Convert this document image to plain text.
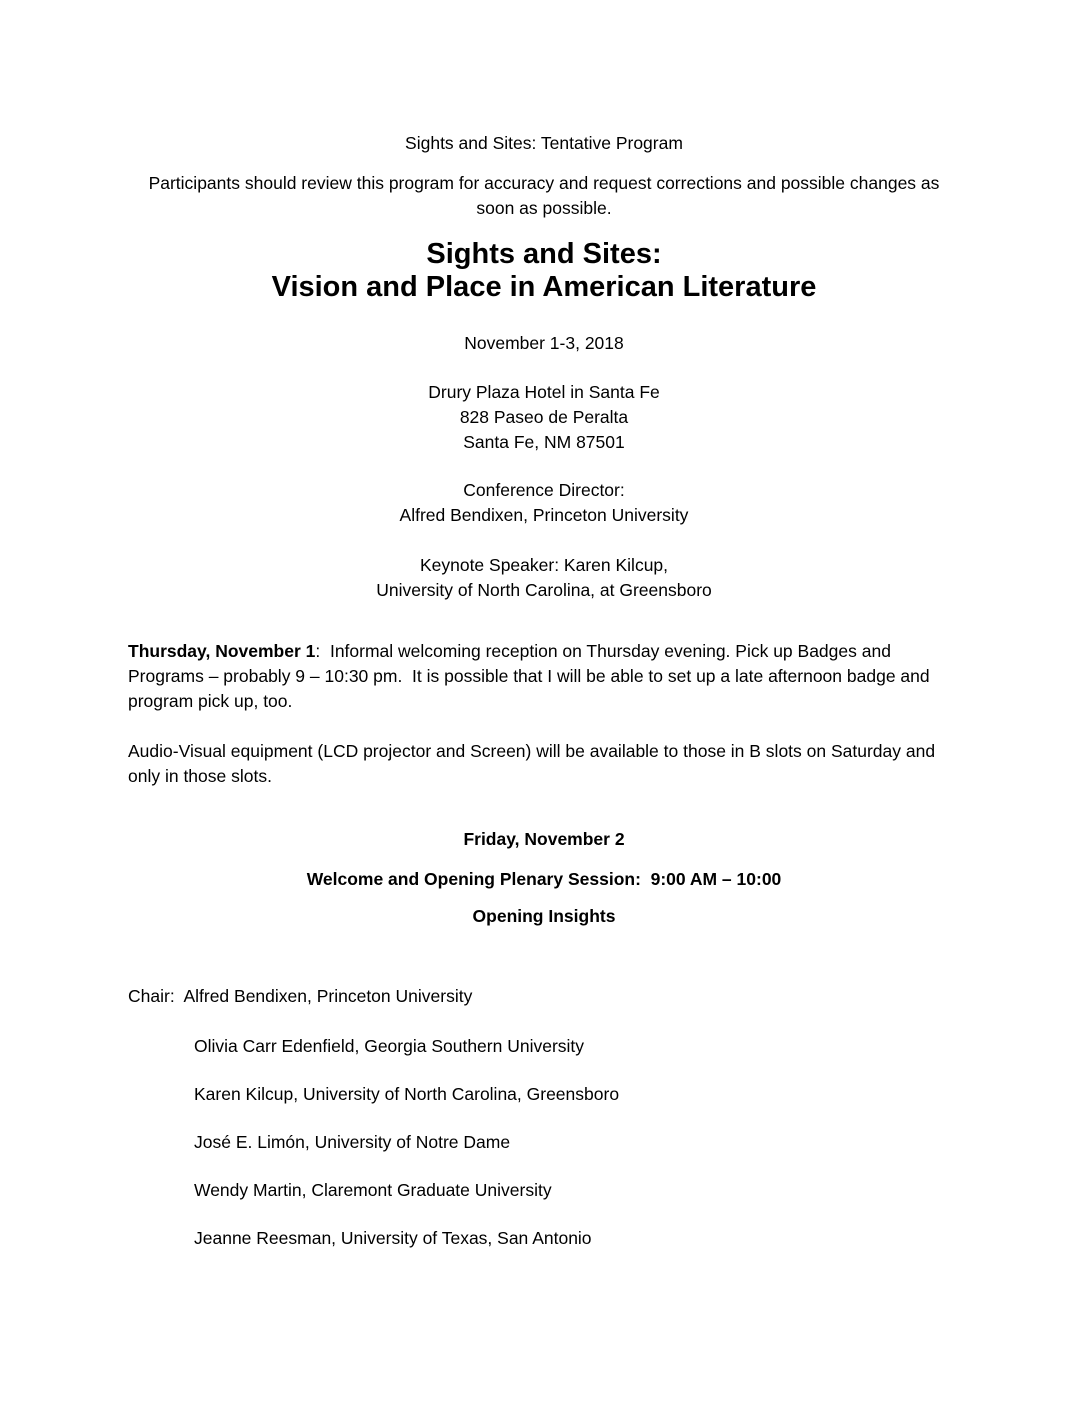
Sights and Sites: Tentative Program

Participants should review this program for accuracy and request corrections and possible changes as soon as possible.

Sights and Sites:

Vision and Place in American Literature

November 1-3, 2018

Drury Plaza Hotel in Santa Fe

828 Paseo de Peralta

Santa Fe, NM 87501

Conference Director:

Alfred Bendixen, Princeton University

Keynote Speaker: Karen Kilcup,

University of North Carolina, at Greensboro

Thursday, November 1:  Informal welcoming reception on Thursday evening. Pick up Badges and Programs – probably 9 – 10:30 pm.  It is possible that I will be able to set up a late afternoon badge and program pick up, too.

Audio-Visual equipment (LCD projector and Screen) will be available to those in B slots on Saturday and only in those slots.

Friday, November 2

Welcome and Opening Plenary Session:  9:00 AM – 10:00

Opening Insights

Chair:  Alfred Bendixen, Princeton University

Olivia Carr Edenfield, Georgia Southern University

Karen Kilcup, University of North Carolina, Greensboro

José E. Limón, University of Notre Dame

Wendy Martin, Claremont Graduate University

Jeanne Reesman, University of Texas, San Antonio
